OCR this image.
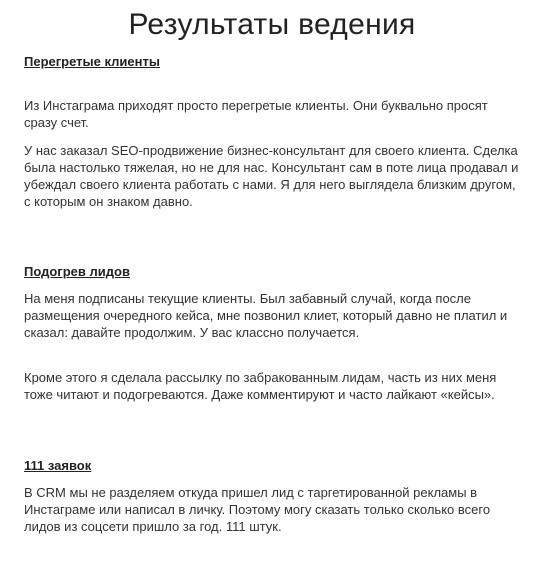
Результаты ведения
Перегретые клиенты

Из Инстаграма приходят просто перегретые клиенты. Они буквально просят сразу счет.

У нас заказал SEO-продвижение бизнес-консультант для своего клиента. Сделка была настолько тяжелая, но не для нас. Консультант сам в поте лица продавал и убеждал своего клиента работать с нами. Я для него выглядела близким другом, с которым он знаком давно.

Подогрев лидов

На меня подписаны текущие клиенты. Был забавный случай, когда после размещения очередного кейса, мне позвонил клиет, который давно не платил и сказал: давайте продолжим. У вас классно получается.

Кроме этого я сделала рассылку по забракованным лидам, часть из них меня тоже читают и подогреваются. Даже комментируют и часто лайкают «кейсы».

111 заявок

В CRM мы не разделяем откуда пришел лид с таргетированной рекламы в Инстаграме или написал в личку. Поэтому могу сказать только сколько всего лидов из соцсети пришло за год. 111 штук.
